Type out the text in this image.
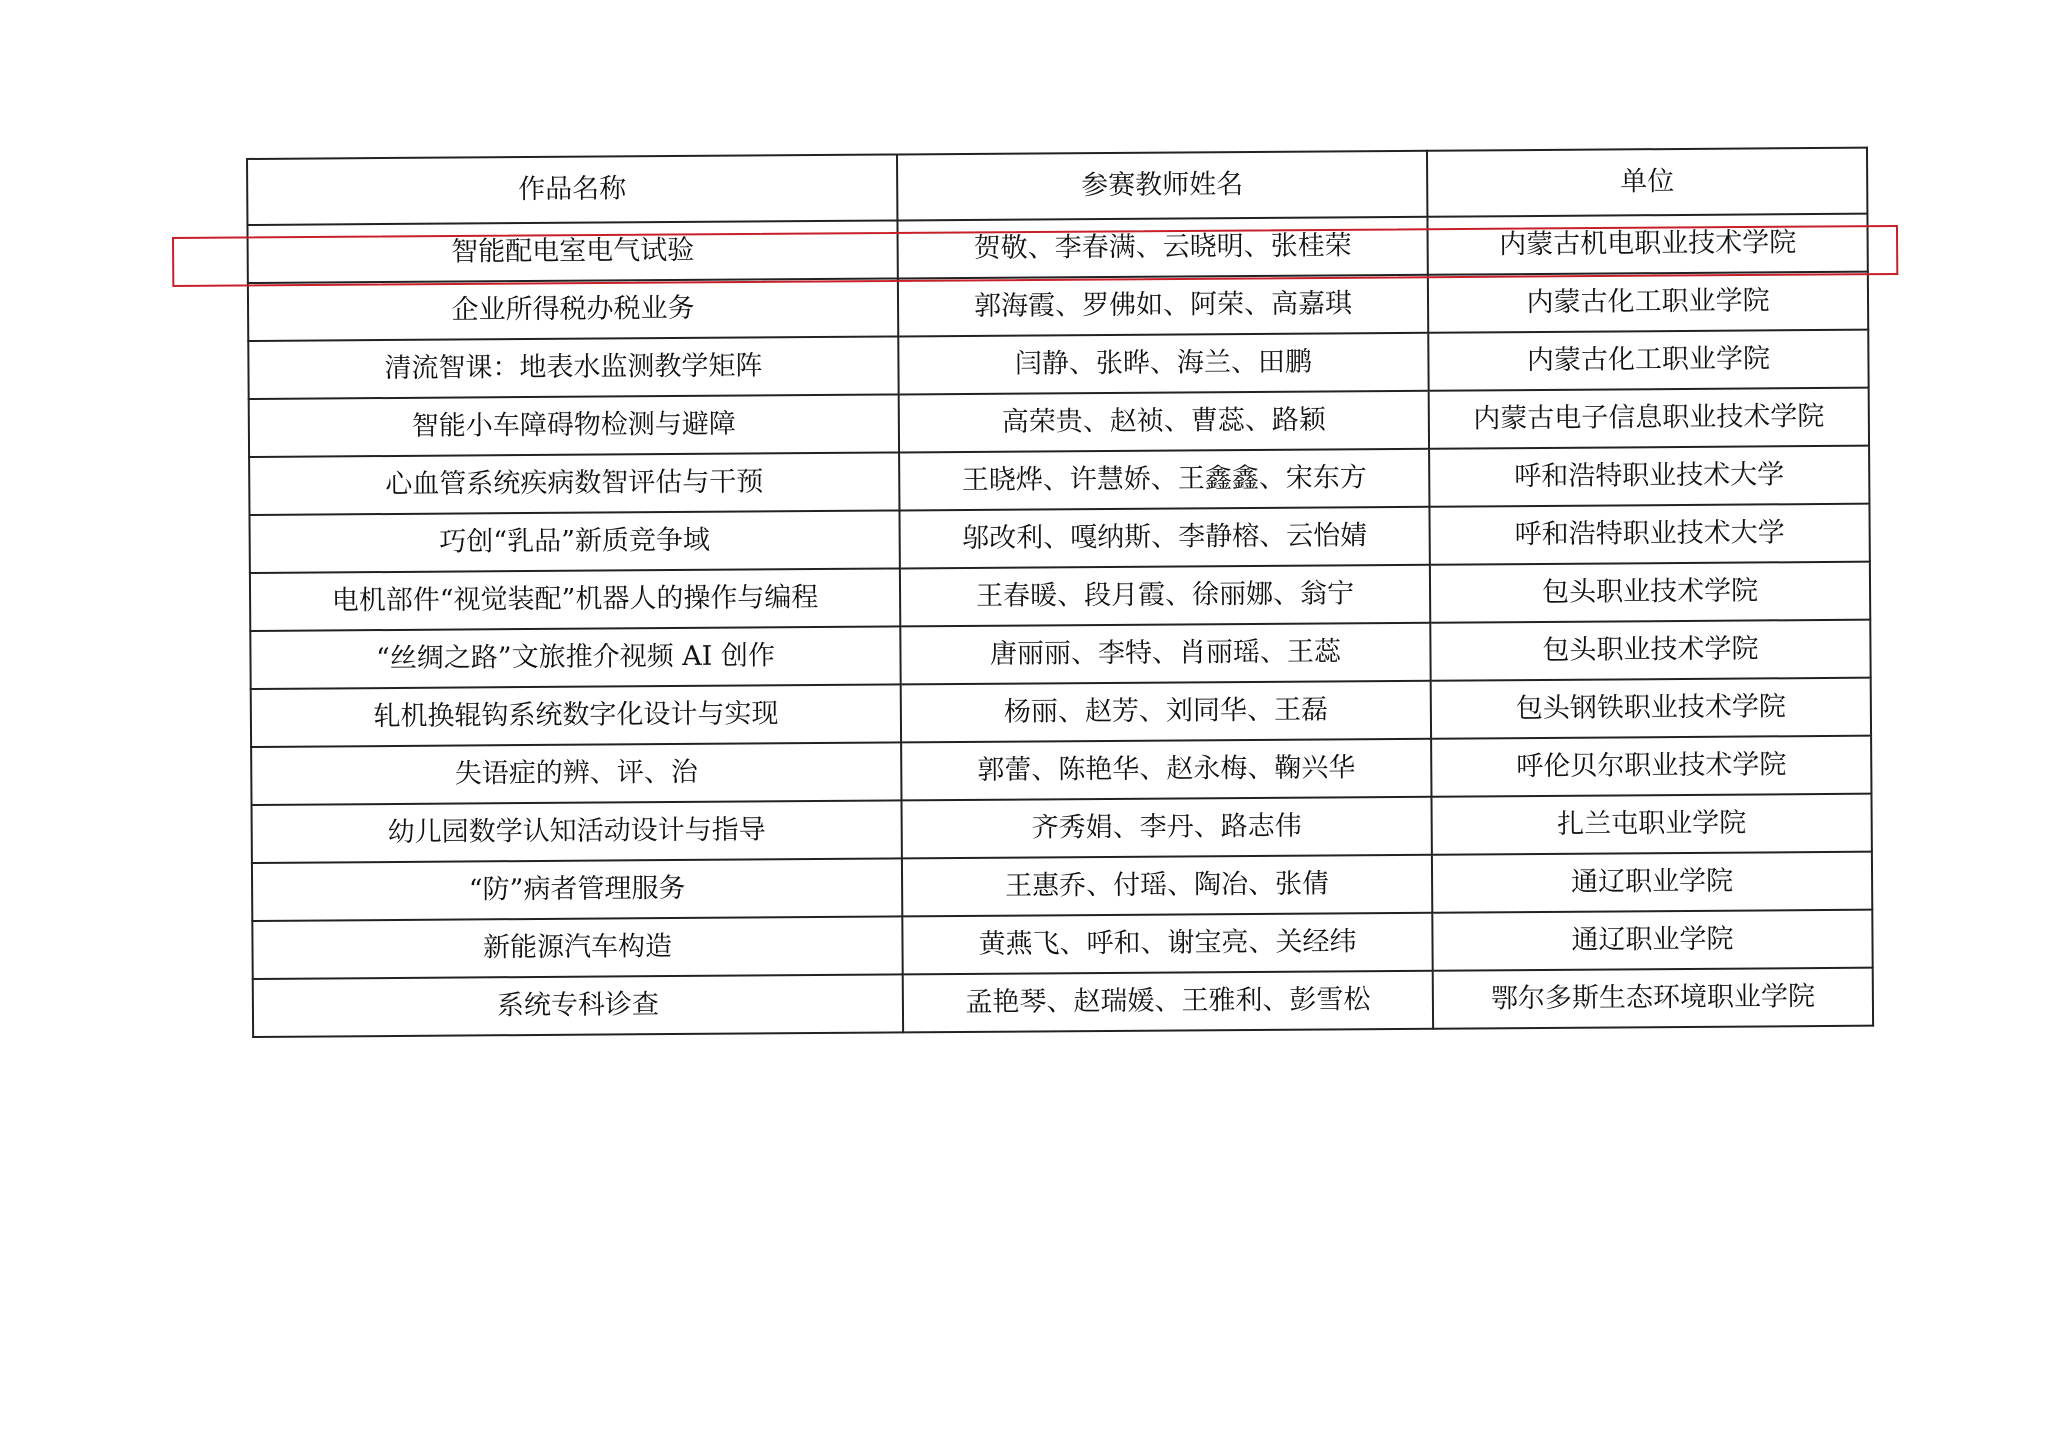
作品名称	参赛教师姓名	单位
智能配电室电气试验	贺敬、李春满、云晓明、张桂荣	内蒙古机电职业技术学院
企业所得税办税业务	郭海霞、罗佛如、阿荣、高嘉琪	内蒙古化工职业学院
清流智课：地表水监测教学矩阵	闫静、张晔、海兰、田鹏	内蒙古化工职业学院
智能小车障碍物检测与避障	高荣贵、赵祯、曹蕊、路颖	内蒙古电子信息职业技术学院
心血管系统疾病数智评估与干预	王晓烨、许慧娇、王鑫鑫、宋东方	呼和浩特职业技术大学
巧创“乳品”新质竞争域	邬改利、嘎纳斯、李静榕、云怡婧	呼和浩特职业技术大学
电机部件“视觉装配”机器人的操作与编程	王春暖、段月霞、徐丽娜、翁宁	包头职业技术学院
“丝绸之路”文旅推介视频 AI 创作	唐丽丽、李特、肖丽瑶、王蕊	包头职业技术学院
轧机换辊钩系统数字化设计与实现	杨丽、赵芳、刘同华、王磊	包头钢铁职业技术学院
失语症的辨、评、治	郭蕾、陈艳华、赵永梅、鞠兴华	呼伦贝尔职业技术学院
幼儿园数学认知活动设计与指导	齐秀娟、李丹、路志伟	扎兰屯职业学院
“防”病者管理服务	王惠乔、付瑶、陶冶、张倩	通辽职业学院
新能源汽车构造	黄燕飞、呼和、谢宝亮、关经纬	通辽职业学院
系统专科诊查	孟艳琴、赵瑞媛、王雅利、彭雪松	鄂尔多斯生态环境职业学院
